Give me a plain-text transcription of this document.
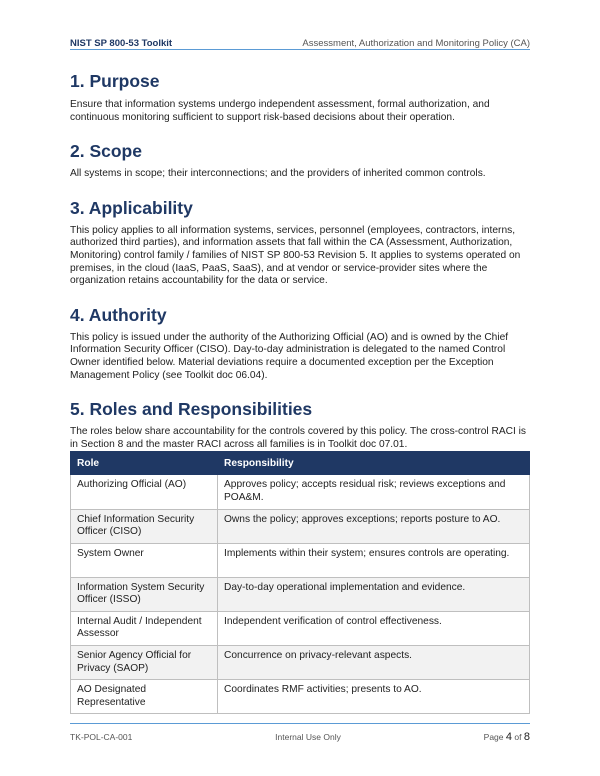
NIST SP 800-53 Toolkit	Assessment, Authorization and Monitoring Policy (CA)
1. Purpose

Ensure that information systems undergo independent assessment, formal authorization, and continuous monitoring sufficient to support risk-based decisions about their operation.

2. Scope

All systems in scope; their interconnections; and the providers of inherited common controls.

3. Applicability

This policy applies to all information systems, services, personnel (employees, contractors, interns, authorized third parties), and information assets that fall within the CA (Assessment, Authorization, Monitoring) control family / families of NIST SP 800-53 Revision 5. It applies to systems operated on premises, in the cloud (IaaS, PaaS, SaaS), and at vendor or service-provider sites where the organization retains accountability for the data or service.

4. Authority

This policy is issued under the authority of the Authorizing Official (AO) and is owned by the Chief Information Security Officer (CISO). Day-to-day administration is delegated to the named Control Owner identified below. Material deviations require a documented exception per the Exception Management Policy (see Toolkit doc 06.04).

5. Roles and Responsibilities

The roles below share accountability for the controls covered by this policy. The cross-control RACI is in Section 8 and the master RACI across all families is in Toolkit doc 07.01.

Role	Responsibility
Authorizing Official (AO)	Approves policy; accepts residual risk; reviews exceptions and POA&M.
Chief Information Security Officer (CISO)	Owns the policy; approves exceptions; reports posture to AO.
System Owner	Implements within their system; ensures controls are operating.
Information System Security Officer (ISSO)	Day-to-day operational implementation and evidence.
Internal Audit / Independent Assessor	Independent verification of control effectiveness.
Senior Agency Official for Privacy (SAOP)	Concurrence on privacy-relevant aspects.
AO Designated Representative	Coordinates RMF activities; presents to AO.
TK-POL-CA-001	Internal Use Only	Page 4 of 8
